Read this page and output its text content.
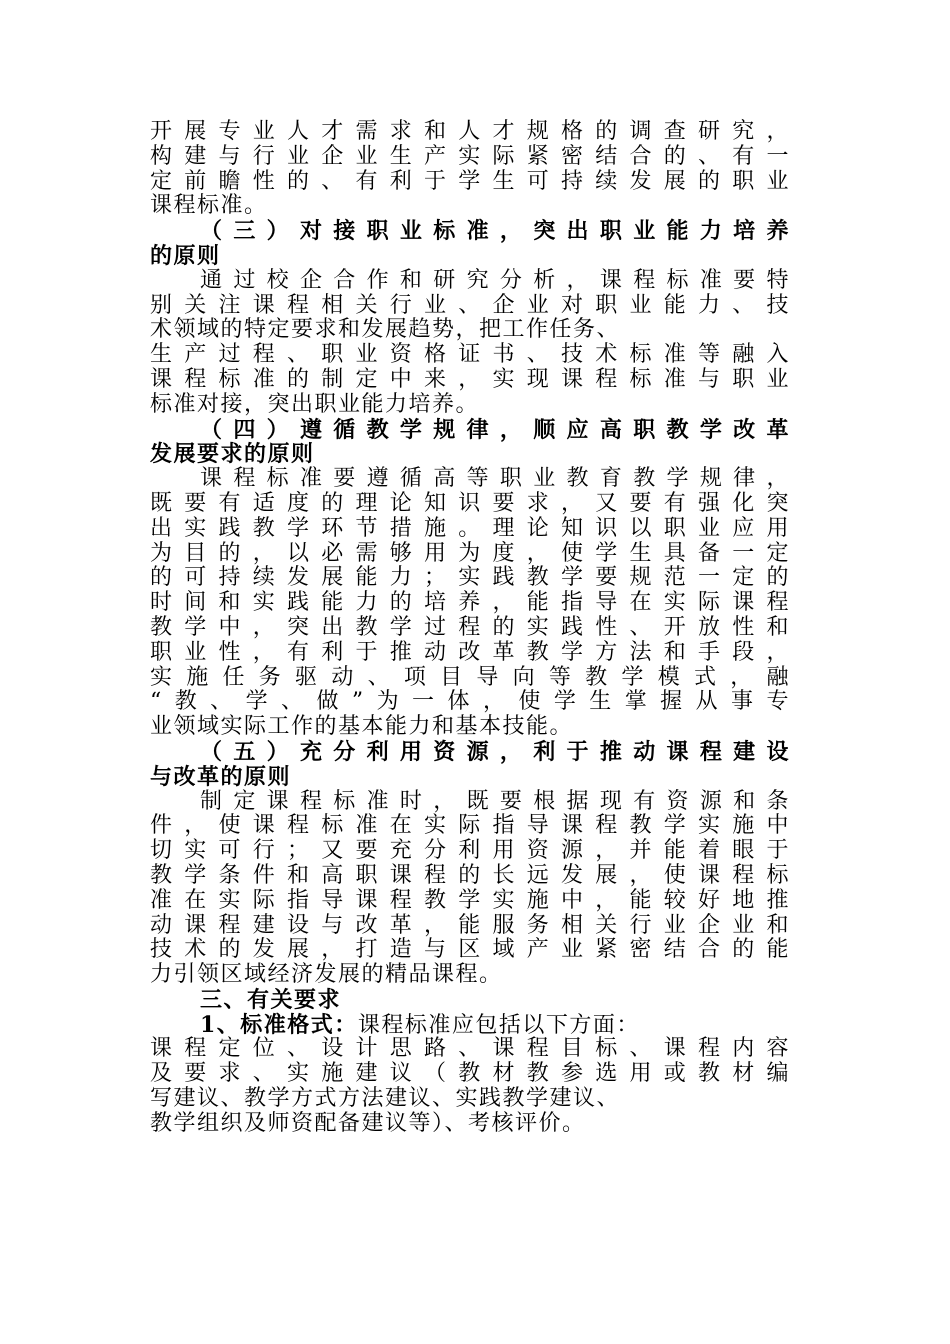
开展专业人才需求和人才规格的调查研究，
构建与行业企业生产实际紧密结合的、有一
定前瞻性的、有利于学生可持续发展的职业
课程标准。
（三）对接职业标准，突出职业能力培养
的原则
通过校企合作和研究分析，课程标准要特
别关注课程相关行业、企业对职业能力、技
术领域的特定要求和发展趋势，把工作任务、
生产过程、职业资格证书、技术标准等融入
课程标准的制定中来，实现课程标准与职业
标准对接，突出职业能力培养。
（四）遵循教学规律，顺应高职教学改革
发展要求的原则
课程标准要遵循高等职业教育教学规律，
既要有适度的理论知识要求，又要有强化突
出实践教学环节措施。理论知识以职业应用
为目的，以必需够用为度，使学生具备一定
的可持续发展能力；实践教学要规范一定的
时间和实践能力的培养，能指导在实际课程
教学中，突出教学过程的实践性、开放性和
职业性，有利于推动改革教学方法和手段，
实施任务驱动、项目导向等教学模式，融
“教、学、做”为一体，使学生掌握从事专
业领域实际工作的基本能力和基本技能。
（五）充分利用资源，利于推动课程建设
与改革的原则
制定课程标准时，既要根据现有资源和条
件，使课程标准在实际指导课程教学实施中
切实可行；又要充分利用资源，并能着眼于
教学条件和高职课程的长远发展，使课程标
准在实际指导课程教学实施中，能较好地推
动课程建设与改革，能服务相关行业企业和
技术的发展，打造与区域产业紧密结合的能
力引领区域经济发展的精品课程。
三、有关要求
1、标准格式：课程标准应包括以下方面：
课程定位、设计思路、课程目标、课程内容
及要求、实施建议（教材教参选用或教材编
写建议、教学方式方法建议、实践教学建议、
教学组织及师资配备建议等）、考核评价。
